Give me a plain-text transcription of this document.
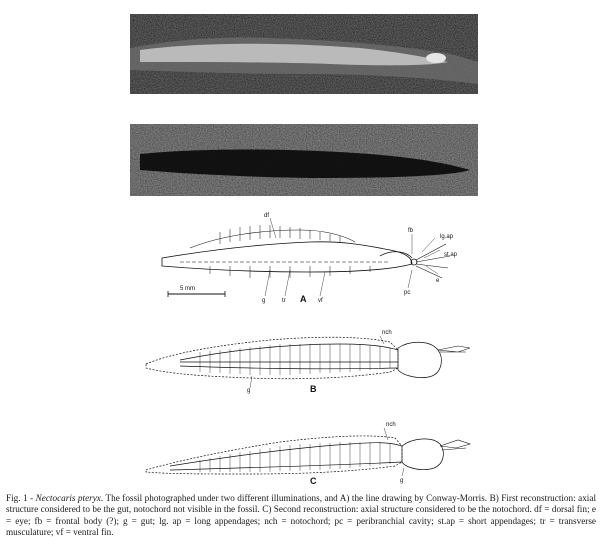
df
fb
lg.ap
st.ap
e
pc
g	tr	vf
5 mm
A
nch
g	B
nch
g
C
Fig. 1 - Nectocaris pteryx. The fossil photographed under two different illuminations, and A) the line drawing by Conway-Morris. B) First reconstruction: axial structure considered to be the gut, notochord not visible in the fossil. C) Second reconstruction: axial structure considered to be the notochord. df = dorsal fin; e = eye; fb = frontal body (?); g = gut; lg. ap = long appendages; nch = notochord; pc = peribranchial cavity; st.ap = short appendages; tr = transverse musculature; vf = ventral fin.
